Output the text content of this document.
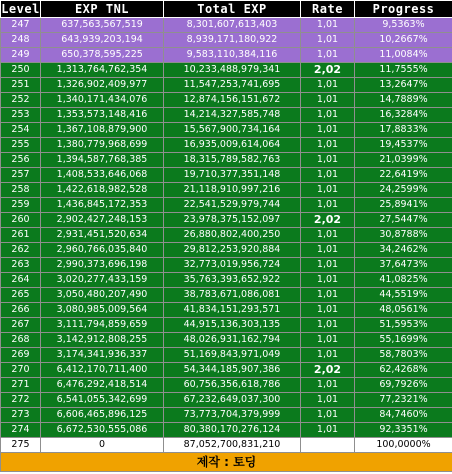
Level	EXP TNL	Total EXP	Rate	Progress
247	637,563,567,519	8,301,607,613,403	1,01	9,5363%
248	643,939,203,194	8,939,171,180,922	1,01	10,2667%
249	650,378,595,225	9,583,110,384,116	1,01	11,0084%
250	1,313,764,762,354	10,233,488,979,341	2,02	11,7555%
251	1,326,902,409,977	11,547,253,741,695	1,01	13,2647%
252	1,340,171,434,076	12,874,156,151,672	1,01	14,7889%
253	1,353,573,148,416	14,214,327,585,748	1,01	16,3284%
254	1,367,108,879,900	15,567,900,734,164	1,01	17,8833%
255	1,380,779,968,699	16,935,009,614,064	1,01	19,4537%
256	1,394,587,768,385	18,315,789,582,763	1,01	21,0399%
257	1,408,533,646,068	19,710,377,351,148	1,01	22,6419%
258	1,422,618,982,528	21,118,910,997,216	1,01	24,2599%
259	1,436,845,172,353	22,541,529,979,744	1,01	25,8941%
260	2,902,427,248,153	23,978,375,152,097	2,02	27,5447%
261	2,931,451,520,634	26,880,802,400,250	1,01	30,8788%
262	2,960,766,035,840	29,812,253,920,884	1,01	34,2462%
263	2,990,373,696,198	32,773,019,956,724	1,01	37,6473%
264	3,020,277,433,159	35,763,393,652,922	1,01	41,0825%
265	3,050,480,207,490	38,783,671,086,081	1,01	44,5519%
266	3,080,985,009,564	41,834,151,293,571	1,01	48,0561%
267	3,111,794,859,659	44,915,136,303,135	1,01	51,5953%
268	3,142,912,808,255	48,026,931,162,794	1,01	55,1699%
269	3,174,341,936,337	51,169,843,971,049	1,01	58,7803%
270	6,412,170,711,400	54,344,185,907,386	2,02	62,4268%
271	6,476,292,418,514	60,756,356,618,786	1,01	69,7926%
272	6,541,055,342,699	67,232,649,037,300	1,01	77,2321%
273	6,606,465,896,125	73,773,704,379,999	1,01	84,7460%
274	6,672,530,555,086	80,380,170,276,124	1,01	92,3351%
275	0	87,052,700,831,210		100,0000%
제작 : 토딩				
